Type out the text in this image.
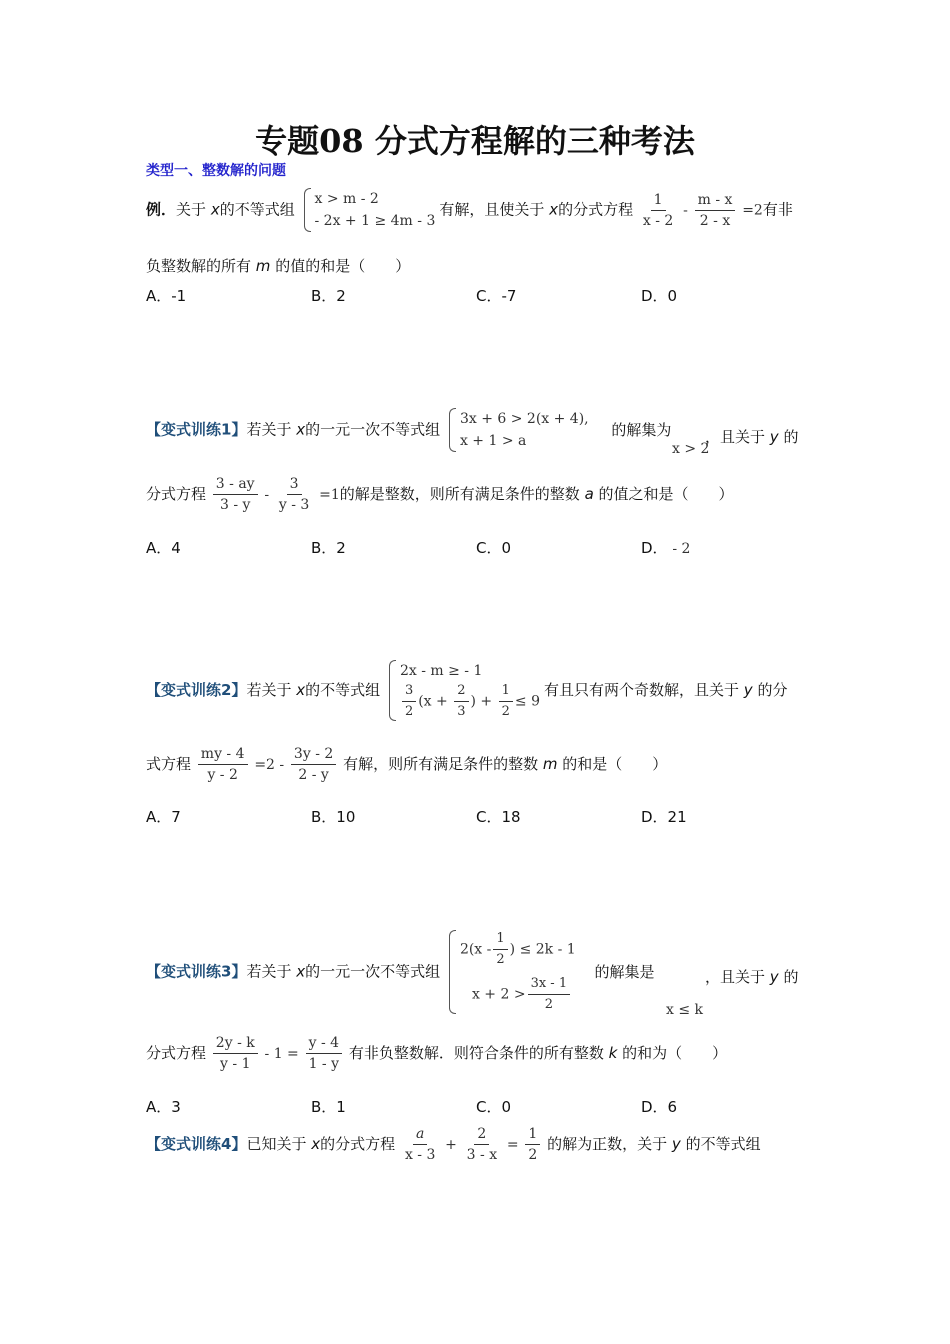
专题08 分式方程解的三种考法
类型一、整数解的问题
例．关于 x的不等式组
x > m - 2
- 2x + 1 ≥ 4m - 3
有解，且使关于 x的分式方程 $\frac{1}{x - 2} - \frac{m - x}{2 - x} =2$有非
负整数解的所有 m 的值的和是（　　）
A．-1	B．2	C．-7	D．0
【变式训练1】若关于 x的一元一次不等式组
3x + 6 > 2(x + 4),
x + 1 > a
的解集为
x > 2
，且关于 y 的
分式方程 $\frac{3 - ay}{3 - y} - \frac{3}{y - 3} =1$的解是整数，则所有满足条件的整数 a 的值之和是（　　）
A．4	B．2	C．0	D． - 2
【变式训练2】若关于 x的不等式组
2x - m ≥ - 1
$\frac{3}{2} (x + \frac{2}{3}$ ) + $\frac{1}{2} \le 9$
有且只有两个奇数解，且关于 y 的分
式方程 $\frac{my - 4}{y - 2} =2 - \frac{3y - 2}{2 - y}$ 有解，则所有满足条件的整数 m 的和是（　　）
A．7	B．10	C．18	D．21
【变式训练3】若关于 x的一元一次不等式组
$2(x - \frac{1}{2}$ ) ≤ 2k - 1
$x + 2 > \frac{3x - 1}{2}$
的解集是
x ≤ k
，且关于 y 的
分式方程 $\frac{2y - k}{y - 1} - 1 = \frac{y - 4}{1 - y}$ 有非负整数解．则符合条件的所有整数 k 的和为（　　）
A．3	B．1	C．0	D．6
【变式训练4】已知关于 x的分式方程 $\frac{a}{x - 3} + \frac{2}{3 - x} = \frac{1}{2}$ 的解为正数，关于 y 的不等式组
